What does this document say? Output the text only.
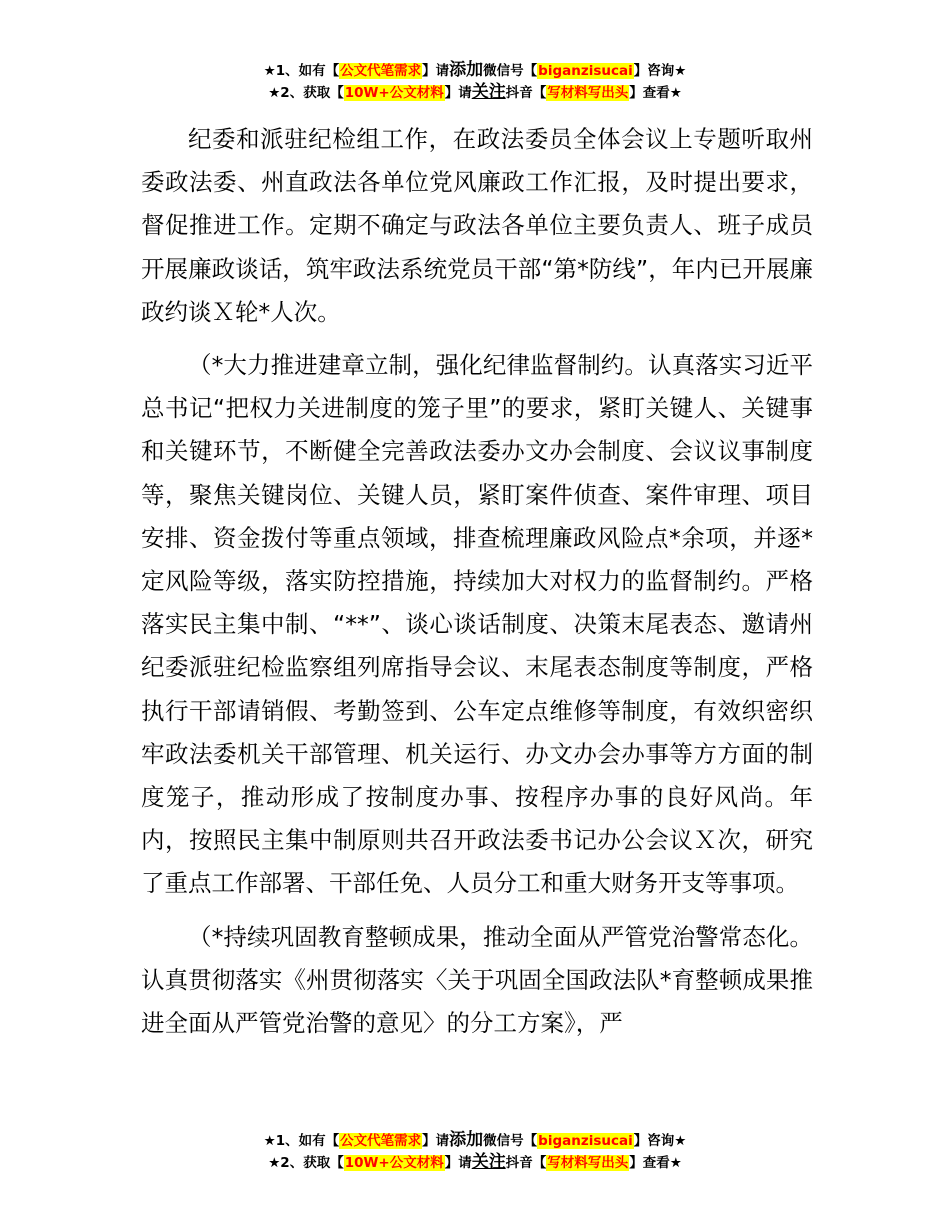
★1、如有【公文代笔需求】请添加微信号【biganzisucai】咨询★
★2、获取【10W+公文材料】请关注抖音【写材料写出头】查看★

纪委和派驻纪检组工作，在政法委员全体会议上专题听取州委政法委、州直政法各单位党风廉政工作汇报，及时提出要求，督促推进工作。定期不确定与政法各单位主要负责人、班子成员开展廉政谈话，筑牢政法系统党员干部“第*防线”，年内已开展廉政约谈Ｘ轮*人次。

（*大力推进建章立制，强化纪律监督制约。认真落实习近平总书记“把权力关进制度的笼子里”的要求，紧盯关键人、关键事和关键环节，不断健全完善政法委办文办会制度、会议议事制度等，聚焦关键岗位、关键人员，紧盯案件侦查、案件审理、项目安排、资金拨付等重点领域，排查梳理廉政风险点*余项，并逐*定风险等级，落实防控措施，持续加大对权力的监督制约。严格落实民主集中制、“**”、谈心谈话制度、决策末尾表态、邀请州纪委派驻纪检监察组列席指导会议、末尾表态制度等制度，严格执行干部请销假、考勤签到、公车定点维修等制度，有效织密织牢政法委机关干部管理、机关运行、办文办会办事等方方面的制度笼子，推动形成了按制度办事、按程序办事的良好风尚。年内，按照民主集中制原则共召开政法委书记办公会议Ｘ次，研究了重点工作部署、干部任免、人员分工和重大财务开支等事项。

（*持续巩固教育整顿成果，推动全面从严管党治警常态化。认真贯彻落实《州贯彻落实〈关于巩固全国政法队*育整顿成果推进全面从严管党治警的意见〉的分工方案》，严

★1、如有【公文代笔需求】请添加微信号【biganzisucai】咨询★
★2、获取【10W+公文材料】请关注抖音【写材料写出头】查看★
